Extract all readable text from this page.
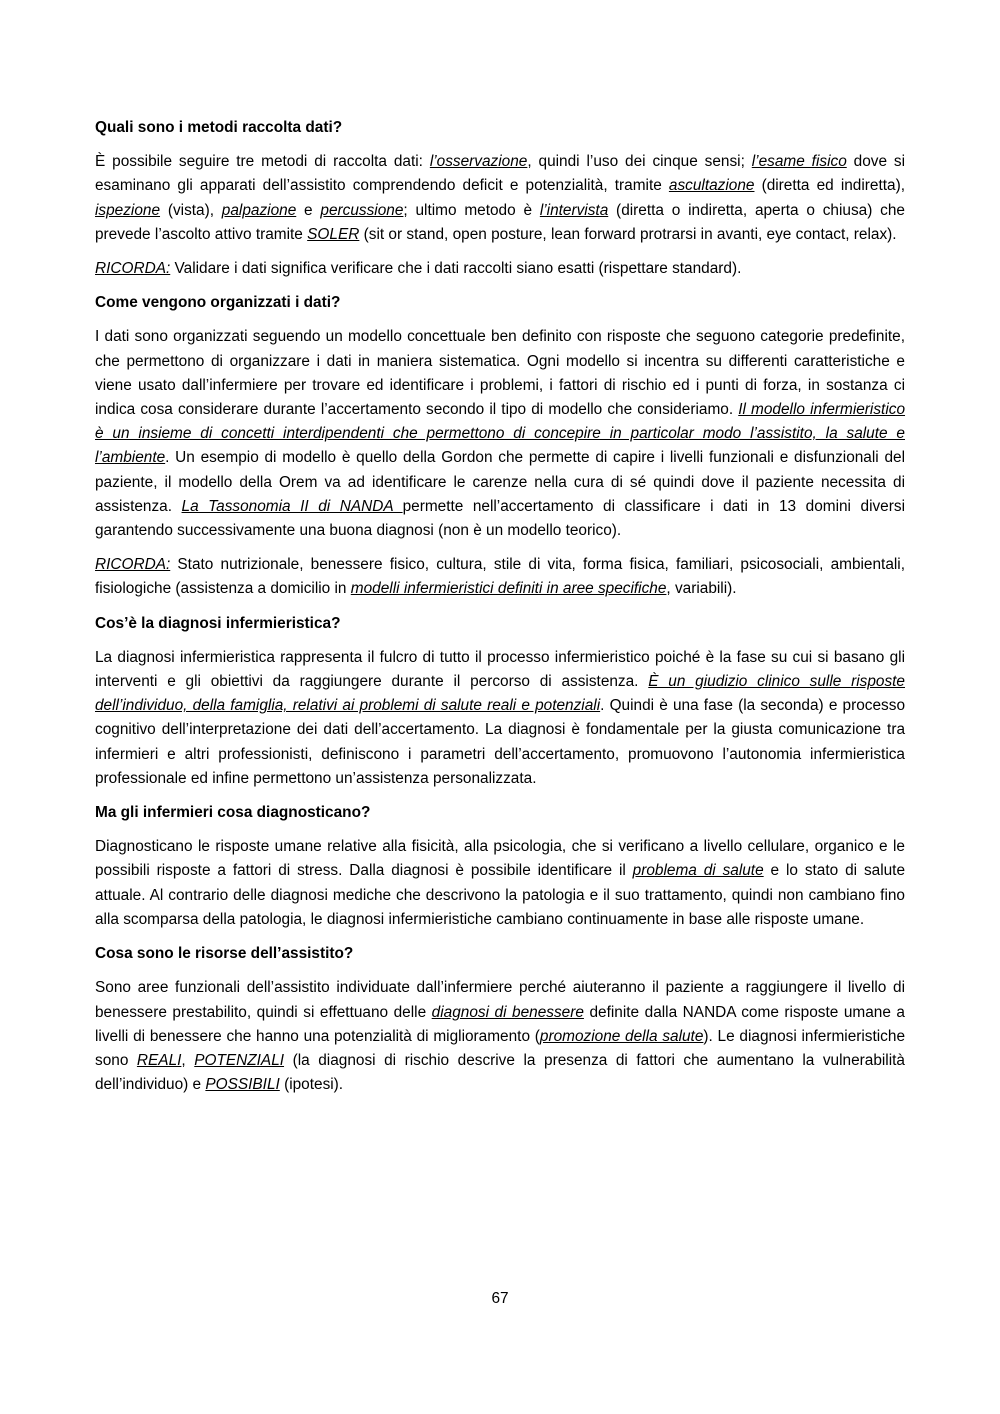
Quali sono i metodi raccolta dati?
È possibile seguire tre metodi di raccolta dati: l’osservazione, quindi l’uso dei cinque sensi; l’esame fisico dove si esaminano gli apparati dell’assistito comprendendo deficit e potenzialità, tramite ascultazione (diretta ed indiretta), ispezione (vista), palpazione e percussione; ultimo metodo è l’intervista (diretta o indiretta, aperta o chiusa) che prevede l’ascolto attivo tramite SOLER (sit or stand, open posture, lean forward protrarsi in avanti, eye contact, relax).
RICORDA: Validare i dati significa verificare che i dati raccolti siano esatti (rispettare standard).
Come vengono organizzati i dati?
I dati sono organizzati seguendo un modello concettuale ben definito con risposte che seguono categorie predefinite, che permettono di organizzare i dati in maniera sistematica. Ogni modello si incentra su differenti caratteristiche e viene usato dall’infermiere per trovare ed identificare i problemi, i fattori di rischio ed i punti di forza, in sostanza ci indica cosa considerare durante l’accertamento secondo il tipo di modello che consideriamo. Il modello infermieristico è un insieme di concetti interdipendenti che permettono di concepire in particolar modo l’assistito, la salute e l’ambiente. Un esempio di modello è quello della Gordon che permette di capire i livelli funzionali e disfunzionali del paziente, il modello della Orem va ad identificare le carenze nella cura di sé quindi dove il paziente necessita di assistenza. La Tassonomia II di NANDA permette nell’accertamento di classificare i dati in 13 domini diversi garantendo successivamente una buona diagnosi (non è un modello teorico).
RICORDA: Stato nutrizionale, benessere fisico, cultura, stile di vita, forma fisica, familiari, psicosociali, ambientali, fisiologiche (assistenza a domicilio in modelli infermieristici definiti in aree specifiche, variabili).
Cos’è la diagnosi infermieristica?
La diagnosi infermieristica rappresenta il fulcro di tutto il processo infermieristico poiché è la fase su cui si basano gli interventi e gli obiettivi da raggiungere durante il percorso di assistenza. È un giudizio clinico sulle risposte dell’individuo, della famiglia, relativi ai problemi di salute reali e potenziali. Quindi è una fase (la seconda) e processo cognitivo dell’interpretazione dei dati dell’accertamento. La diagnosi è fondamentale per la giusta comunicazione tra infermieri e altri professionisti, definiscono i parametri dell’accertamento, promuovono l’autonomia infermieristica professionale ed infine permettono un’assistenza personalizzata.
Ma gli infermieri cosa diagnosticano?
Diagnosticano le risposte umane relative alla fisicità, alla psicologia, che si verificano a livello cellulare, organico e le possibili risposte a fattori di stress. Dalla diagnosi è possibile identificare il problema di salute e lo stato di salute attuale. Al contrario delle diagnosi mediche che descrivono la patologia e il suo trattamento, quindi non cambiano fino alla scomparsa della patologia, le diagnosi infermieristiche cambiano continuamente in base alle risposte umane.
Cosa sono le risorse dell’assistito?
Sono aree funzionali dell’assistito individuate dall’infermiere perché aiuteranno il paziente a raggiungere il livello di benessere prestabilito, quindi si effettuano delle diagnosi di benessere definite dalla NANDA come risposte umane a livelli di benessere che hanno una potenzialità di miglioramento (promozione della salute). Le diagnosi infermieristiche sono REALI, POTENZIALI (la diagnosi di rischio descrive la presenza di fattori che aumentano la vulnerabilità dell’individuo) e POSSIBILI (ipotesi).
67
